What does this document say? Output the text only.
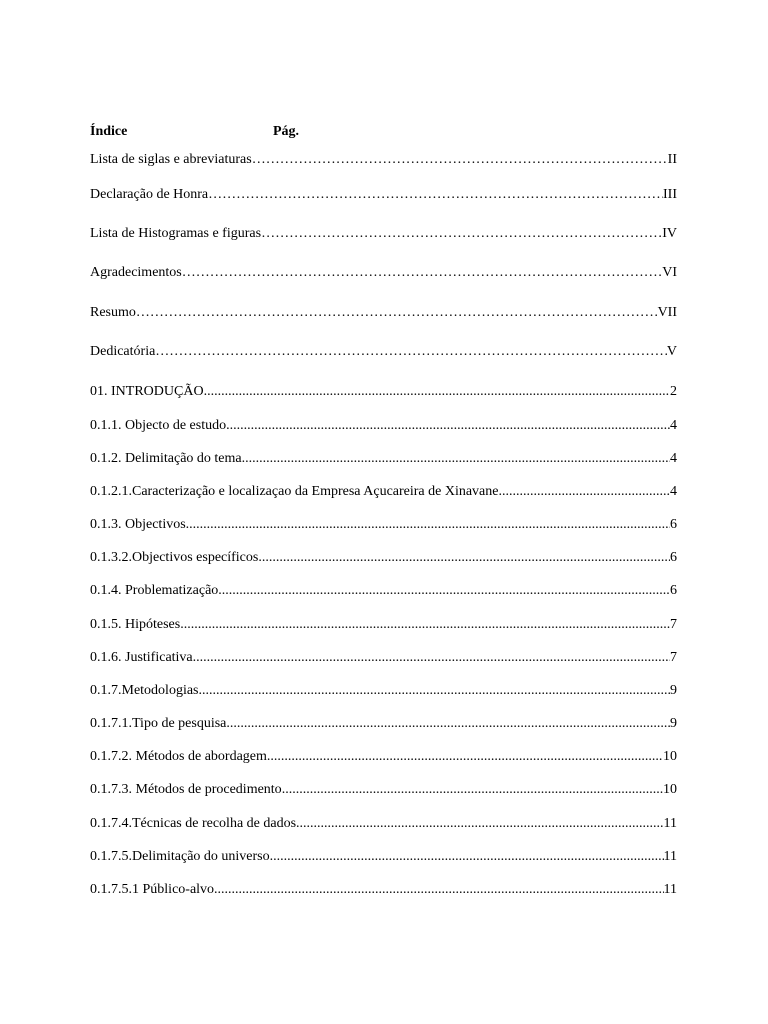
Índice	Pág.
Lista de siglas e abreviaturas ……………………………………………………………………………………………………………………………………………………………………	II
Declaração de Honra ……………………………………………………………………………………………………………………………………………………………………	III
Lista de Histogramas e figuras ……………………………………………………………………………………………………………………………………………………………………	IV
Agradecimentos ……………………………………………………………………………………………………………………………………………………………………	VI
Resumo ……………………………………………………………………………………………………………………………………………………………………	VII
Dedicatória ……………………………………………………………………………………………………………………………………………………………………	V
01. INTRODUÇÃO .....	2
0.1.1. Objecto de estudo .....	4
0.1.2. Delimitação do tema .....	4
0.1.2.1.Caracterização e localizaçao da Empresa Açucareira de Xinavane .....	4
0.1.3. Objectivos .....	6
0.1.3.2.Objectivos específicos .....	6
0.1.4. Problematização .....	6
0.1.5. Hipóteses .....	7
0.1.6. Justificativa .....	7
0.1.7.Metodologias .....	9
0.1.7.1.Tipo de pesquisa .....	9
0.1.7.2. Métodos de abordagem .....	10
0.1.7.3. Métodos de procedimento .....	10
0.1.7.4.Técnicas de recolha de dados .....	11
0.1.7.5.Delimitação do universo .....	11
0.1.7.5.1 Público-alvo .....	11
